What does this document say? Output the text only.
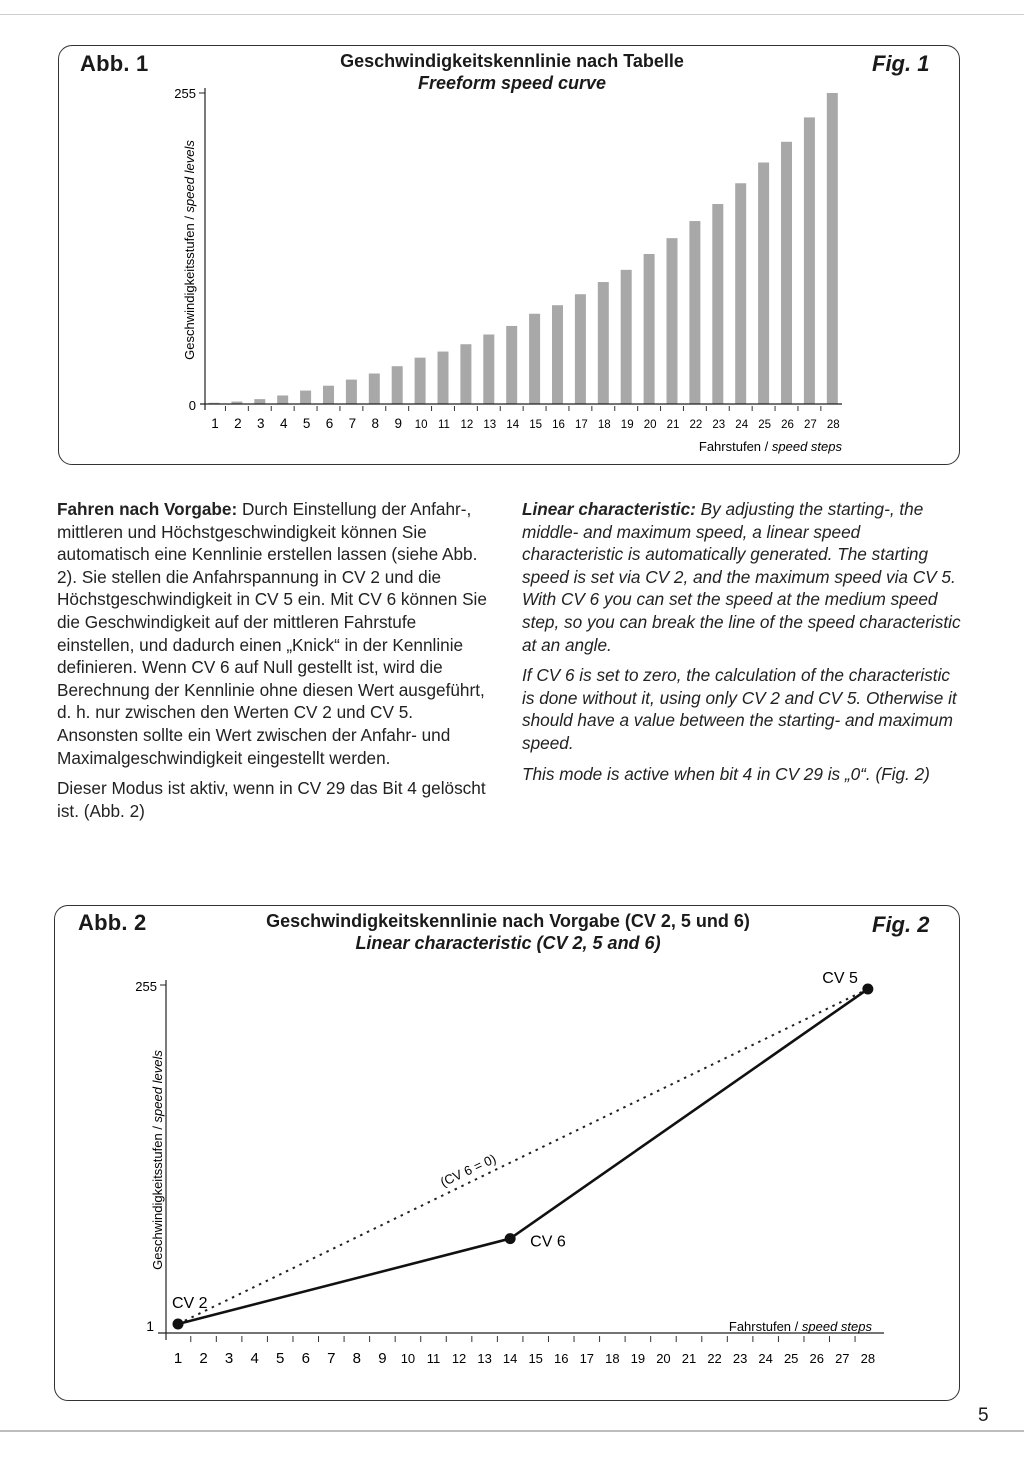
Abb. 1	Fig. 1
Geschwindigkeitskennlinie nach Tabelle
Freeform speed curve
255
0
1 2 3 4 5 6 7 8 9 10 11 12 13 14 15 16 17 18 19 20 21 22 23 24 25 26 27 28
Geschwindigkeitsstufen / speed levels
Fahrstufen / speed steps

Fahren nach Vorgabe: Durch Einstellung der Anfahr-, mittleren und Höchstgeschwindigkeit können Sie automatisch eine Kennlinie erstellen lassen (siehe Abb. 2). Sie stellen die Anfahrspannung in CV 2 und die Höchstgeschwindigkeit in CV 5 ein. Mit CV 6 können Sie die Geschwindigkeit auf der mittleren Fahrstufe einstellen, und dadurch einen „Knick“ in der Kennlinie definieren. Wenn CV 6 auf Null gestellt ist, wird die Berechnung der Kennlinie ohne diesen Wert ausgeführt, d. h. nur zwischen den Werten CV 2 und CV 5. Ansonsten sollte ein Wert zwischen der Anfahr- und Maximalgeschwindigkeit eingestellt werden.

Dieser Modus ist aktiv, wenn in CV 29 das Bit 4 gelöscht ist. (Abb. 2)

Linear characteristic: By adjusting the starting-, the middle- and maximum speed, a linear speed characteristic is automatically generated. The starting speed is set via CV 2, and the maximum speed via CV 5. With CV 6 you can set the speed at the medium speed step, so you can break the line of the speed characteristic at an angle.

If CV 6 is set to zero, the calculation of the characteristic is done without it, using only CV 2 and CV 5. Otherwise it should have a value between the starting- and maximum speed.

This mode is active when bit 4 in CV 29 is „0“. (Fig. 2)

Abb. 2	Fig. 2
Geschwindigkeitskennlinie nach Vorgabe (CV 2, 5 und 6)
Linear characteristic (CV 2, 5 and 6)
255
1
1 2 3 4 5 6 7 8 9 10 11 12 13 14 15 16 17 18 19 20 21 22 23 24 25 26 27 28
CV 2
CV 6
CV 5
(CV 6 = 0)
Geschwindigkeitsstufen / speed levels
Fahrstufen / speed steps
5
